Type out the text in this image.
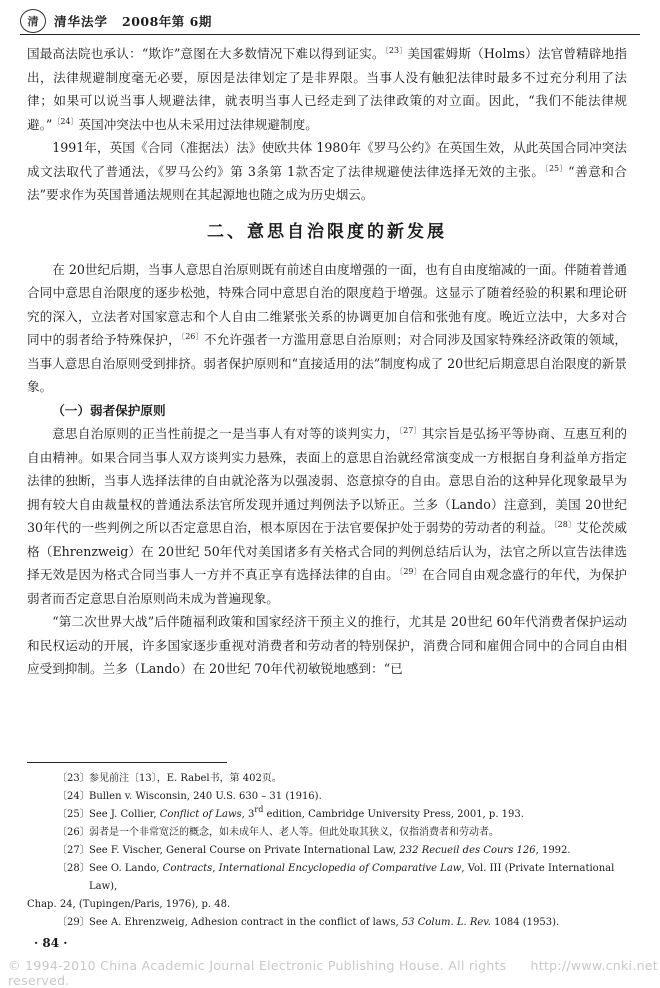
清	清华法学 2008年第 6期

国最高法院也承认：“欺诈”意图在大多数情况下难以得到证实。$^{〔23〕}$美国霍姆斯（Holms）法官曾精辟地指出，法律规避制度毫无必要，原因是法律划定了是非界限。当事人没有触犯法律时最多不过充分利用了法律；如果可以说当事人规避法律，就表明当事人已经走到了法律政策的对立面。因此，“我们不能法律规避。”$^{〔24〕}$英国冲突法中也从未采用过法律规避制度。

1991年，英国《合同（准据法）法》使欧共体 1980年《罗马公约》在英国生效，从此英国合同冲突法成文法取代了普通法，《罗马公约》第 3条第 1款否定了法律规避使法律选择无效的主张。$^{〔25〕}$“善意和合法”要求作为英国普通法规则在其起源地也随之成为历史烟云。

二、意思自治限度的新发展

在 20世纪后期，当事人意思自治原则既有前述自由度增强的一面，也有自由度缩减的一面。伴随着普通合同中意思自治限度的逐步松弛，特殊合同中意思自治的限度趋于增强。这显示了随着经验的积累和理论研究的深入，立法者对国家意志和个人自由二维紧张关系的协调更加自信和张弛有度。晚近立法中，大多对合同中的弱者给予特殊保护，$^{〔26〕}$不允许强者一方滥用意思自治原则；对合同涉及国家特殊经济政策的领域，当事人意思自治原则受到排挤。弱者保护原则和“直接适用的法”制度构成了 20世纪后期意思自治限度的新景象。

（一）弱者保护原则

意思自治原则的正当性前提之一是当事人有对等的谈判实力，$^{〔27〕}$其宗旨是弘扬平等协商、互惠互利的自由精神。如果合同当事人双方谈判实力悬殊，表面上的意思自治就经常演变成一方根据自身利益单方指定法律的独断，当事人选择法律的自由就沦落为以强凌弱、恣意掠夺的自由。意思自治的这种异化现象最早为拥有较大自由裁量权的普通法系法官所发现并通过判例法予以矫正。兰多（Lando）注意到，美国 20世纪 30年代的一些判例之所以否定意思自治，根本原因在于法官要保护处于弱势的劳动者的利益。$^{〔28〕}$艾伦茨威格（Ehrenzweig）在 20世纪 50年代对美国诸多有关格式合同的判例总结后认为，法官之所以宣告法律选择无效是因为格式合同当事人一方并不真正享有选择法律的自由。$^{〔29〕}$在合同自由观念盛行的年代，为保护弱者而否定意思自治原则尚未成为普遍现象。

“第二次世界大战”后伴随福利政策和国家经济干预主义的推行，尤其是 20世纪 60年代消费者保护运动和民权运动的开展，许多国家逐步重视对消费者和劳动者的特别保护，消费合同和雇佣合同中的合同自由相应受到抑制。兰多（Lando）在 20世纪 70年代初敏锐地感到：“已

〔23〕 参见前注〔13〕，E. Rabel书，第 402页。
〔24〕 Bullen v. Wisconsin, 240 U.S. 630 – 31 (1916).
〔25〕 See J. Collier, Conflict of Laws, 3rd edition, Cambridge University Press, 2001, p. 193.
〔26〕 弱者是一个非常宽泛的概念，如未成年人、老人等。但此处取其狭义，仅指消费者和劳动者。
〔27〕 See F. Vischer, General Course on Private International Law, 232 Recueil des Cours 126, 1992.
〔28〕 See O. Lando, Contracts, International Encyclopedia of Comparative Law, Vol. III (Private International Law),
Chap. 24, (Tupingen/Paris, 1976), p. 48.
〔29〕 See A. Ehrenzweig, Adhesion contract in the conflict of laws, 53 Colum. L. Rev. 1084 (1953).
· 84 ·
© 1994-2010 China Academic Journal Electronic Publishing House. All rights reserved.
http://www.cnki.net
